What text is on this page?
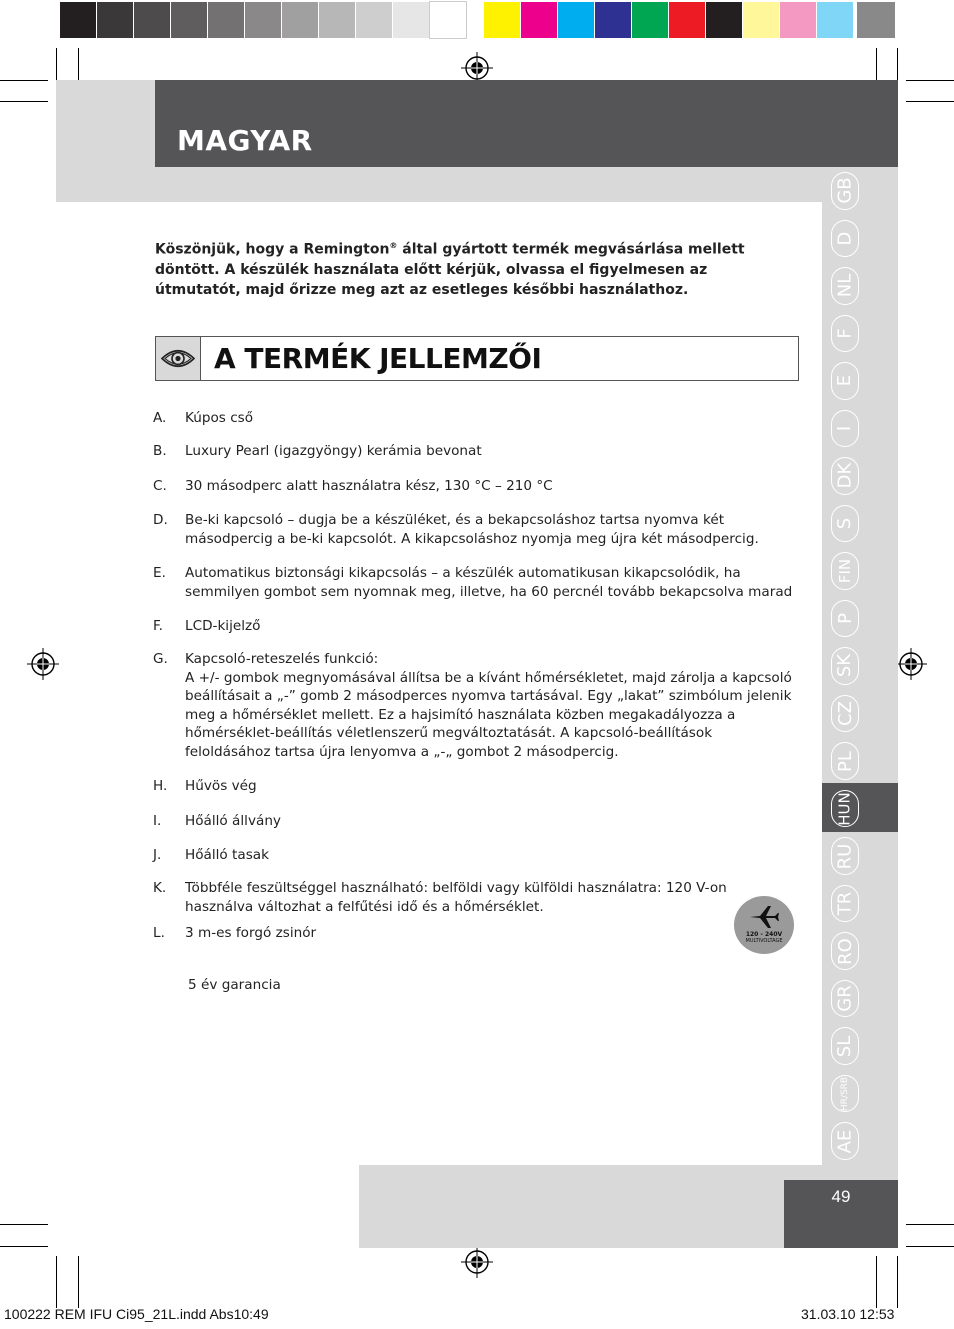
MAGYAR
GB
D
NL
F
E
I
DK
S
FIN
P
SK
CZ
PL
HUN
RU
TR
RO
GR
SL
HR/SRB
AE
Köszönjük, hogy a Remington® által gyártott termék megvásárlása mellett döntött. A készülék használata előtt kérjük, olvassa el figyelmesen az útmutatót, majd őrizze meg azt az esetleges későbbi használathoz.
A TERMÉK JELLEMZŐI
A.	Kúpos cső
B.	Luxury Pearl (igazgyöngy) kerámia bevonat
C.	30 másodperc alatt használatra kész, 130 °C – 210 °C
D.	Be-ki kapcsoló – dugja be a készüléket, és a bekapcsoláshoz tartsa nyomva két másodpercig a be-ki kapcsolót. A kikapcsoláshoz nyomja meg újra két másodpercig.
E.	Automatikus biztonsági kikapcsolás – a készülék automatikusan kikapcsolódik, ha semmilyen gombot sem nyomnak meg, illetve, ha 60 percnél tovább bekapcsolva marad
F.	LCD-kijelző
G.	Kapcsoló-reteszelés funkció:
A +/- gombok megnyomásával állítsa be a kívánt hőmérsékletet, majd zárolja a kapcsoló beállításait a „-” gomb 2 másodperces nyomva tartásával. Egy „lakat” szimbólum jelenik meg a hőmérséklet mellett. Ez a hajsimító használata közben megakadályozza a hőmérséklet-beállítás véletlenszerű megváltoztatását. A kapcsoló-beállítások feloldásához tartsa újra lenyomva a „-„ gombot 2 másodpercig.
H.	Hűvös vég
I.	Hőálló állvány
J.	Hőálló tasak
K.	Többféle feszültséggel használható: belföldi vagy külföldi használatra: 120 V-on használva változhat a felfűtési idő és a hőmérséklet.
L.	3 m-es forgó zsinór
5 év garancia
120 - 240V
MULTIVOLTAGE
49
100222 REM IFU Ci95_21L.indd Abs10:49	31.03.10 12:53
